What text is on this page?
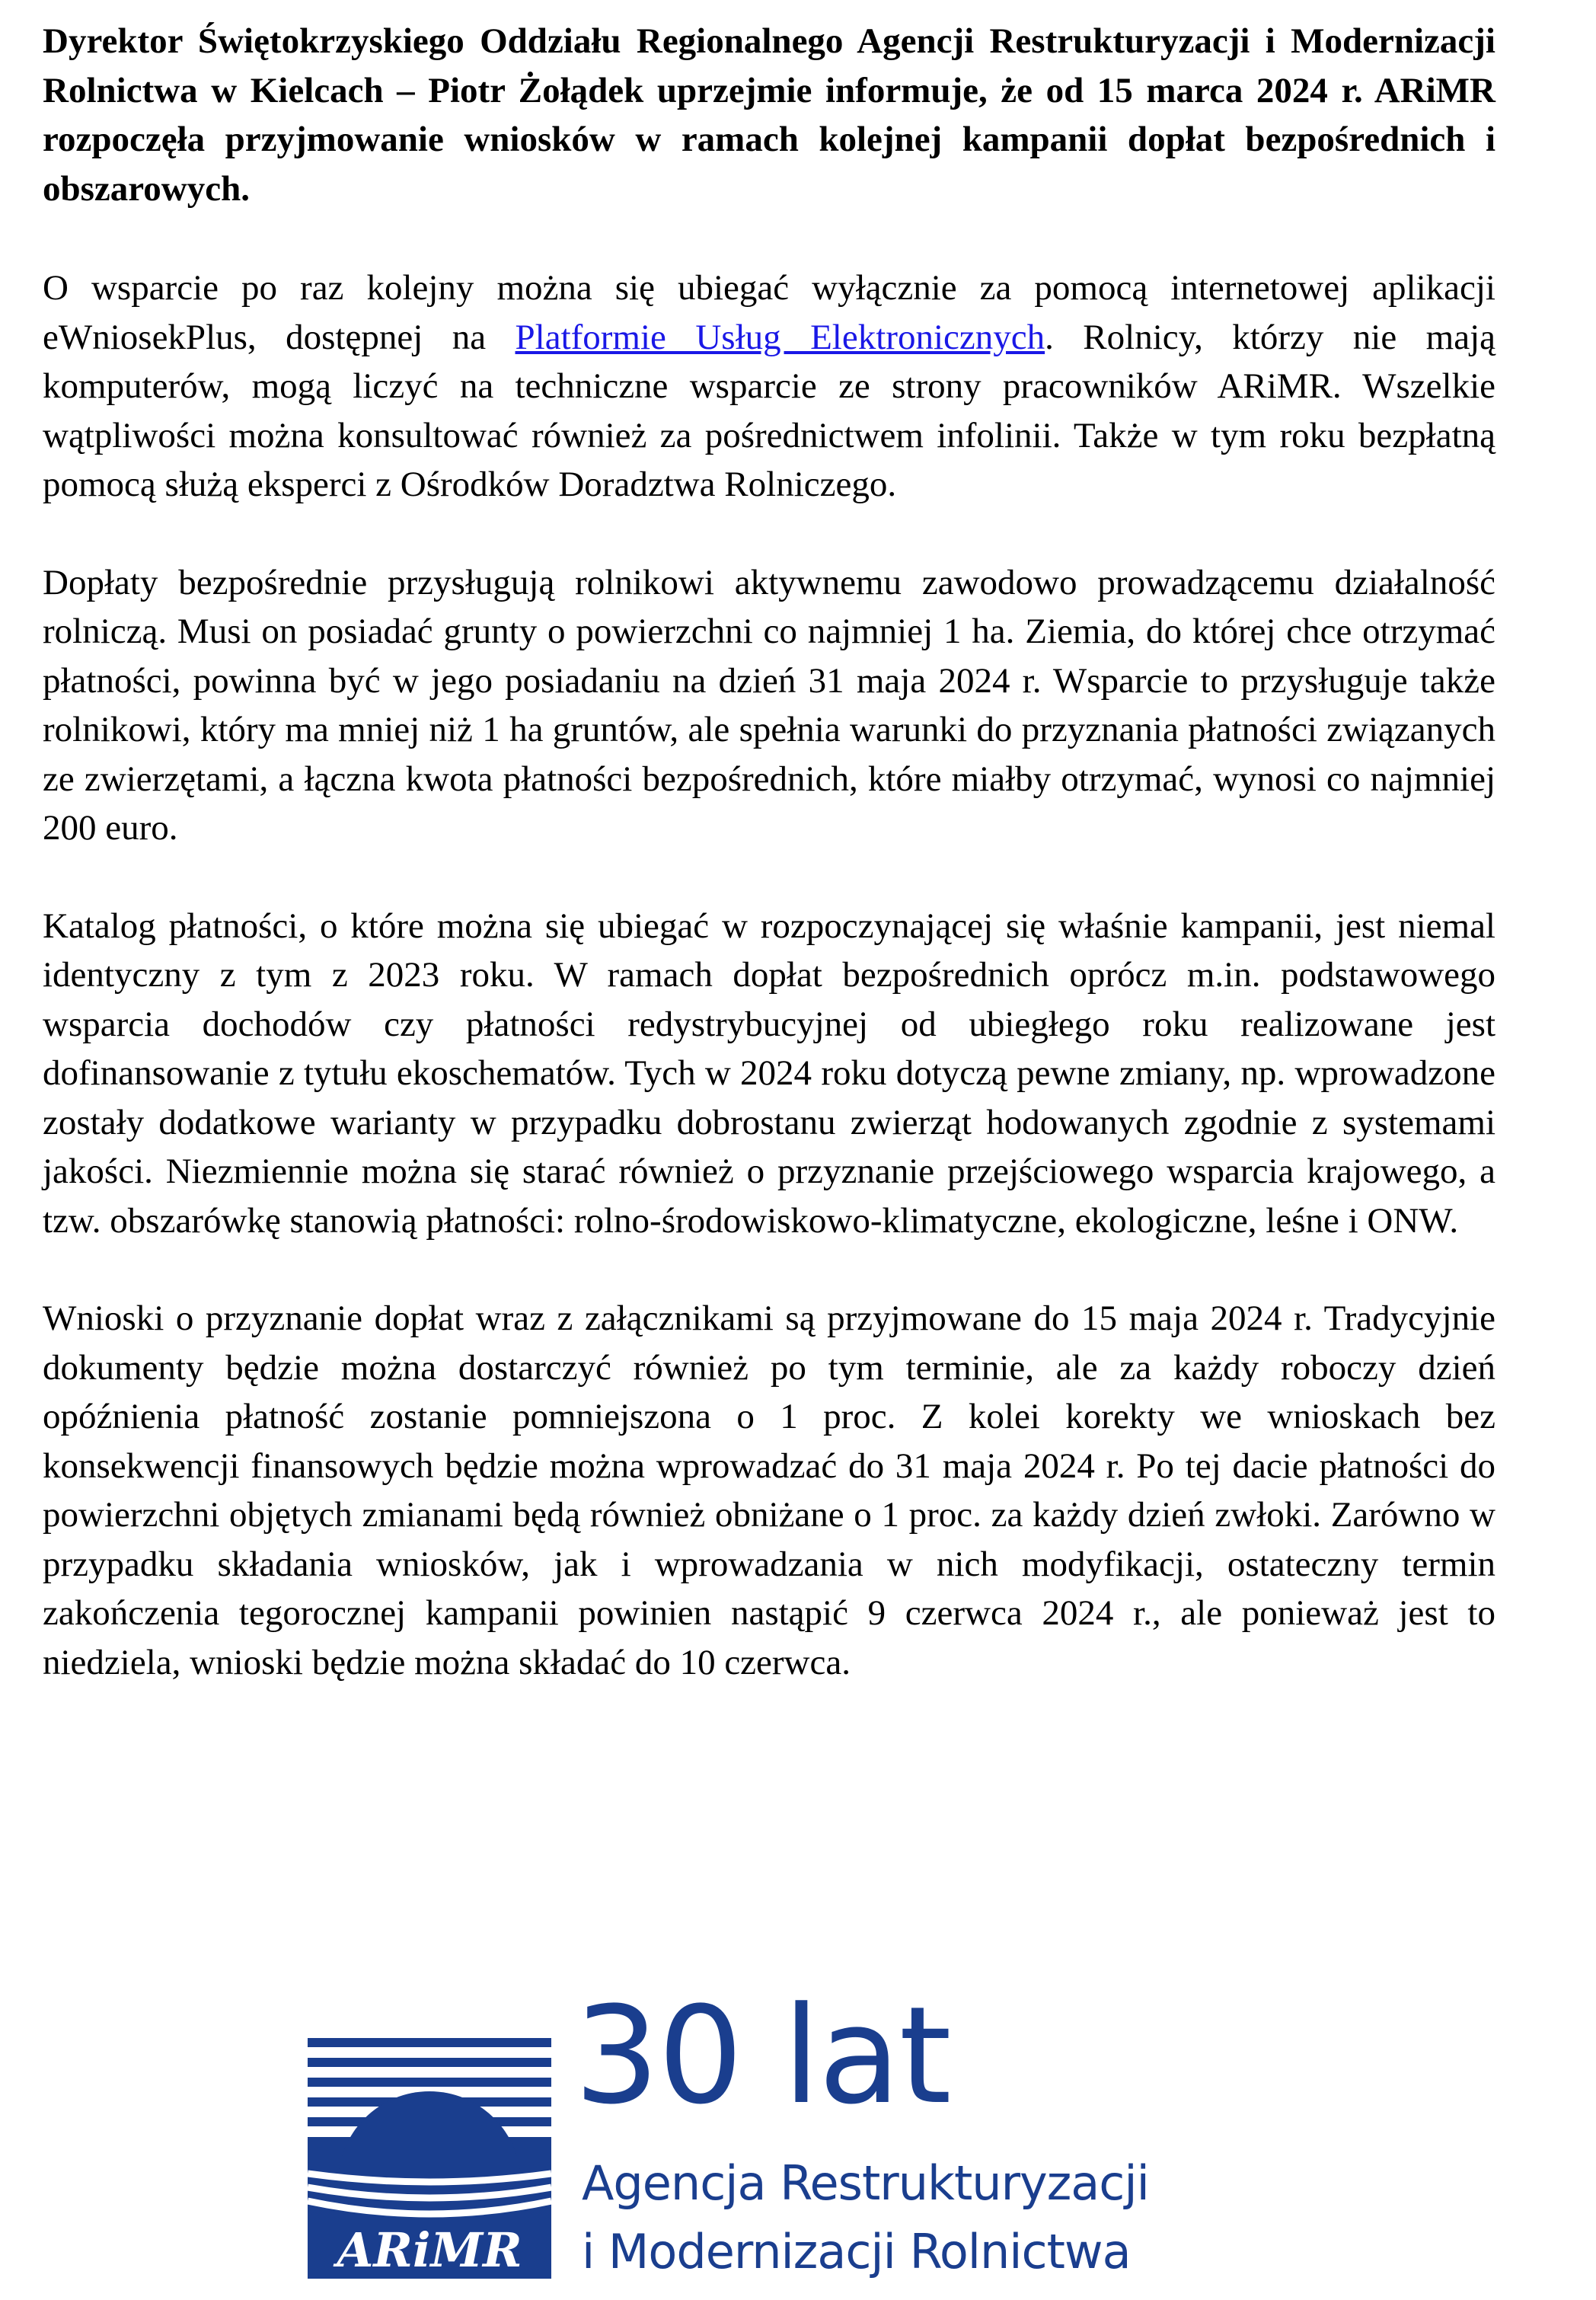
Dyrektor Świętokrzyskiego Oddziału Regionalnego Agencji Restrukturyzacji i Modernizacji Rolnictwa w Kielcach – Piotr Żołądek uprzejmie informuje, że od 15 marca 2024 r. ARiMR rozpoczęła przyjmowanie wniosków w ramach kolejnej kampanii dopłat bezpośrednich i obszarowych.

O wsparcie po raz kolejny można się ubiegać wyłącznie za pomocą internetowej aplikacji eWniosekPlus, dostępnej na Platformie Usług Elektronicznych. Rolnicy, którzy nie mają komputerów, mogą liczyć na techniczne wsparcie ze strony pracowników ARiMR. Wszelkie wątpliwości można konsultować również za pośrednictwem infolinii. Także w tym roku bezpłatną pomocą służą eksperci z Ośrodków Doradztwa Rolniczego.

Dopłaty bezpośrednie przysługują rolnikowi aktywnemu zawodowo prowadzącemu działalność rolniczą. Musi on posiadać grunty o powierzchni co najmniej 1 ha. Ziemia, do której chce otrzymać płatności, powinna być w jego posiadaniu na dzień 31 maja 2024 r. Wsparcie to przysługuje także rolnikowi, który ma mniej niż 1 ha gruntów, ale spełnia warunki do przyznania płatności związanych ze zwierzętami, a łączna kwota płatności bezpośrednich, które miałby otrzymać, wynosi co najmniej 200 euro.

Katalog płatności, o które można się ubiegać w rozpoczynającej się właśnie kampanii, jest niemal identyczny z tym z 2023 roku. W ramach dopłat bezpośrednich oprócz m.in. podstawowego wsparcia dochodów czy płatności redystrybucyjnej od ubiegłego roku realizowane jest dofinansowanie z tytułu ekoschematów. Tych w 2024 roku dotyczą pewne zmiany, np. wprowadzone zostały dodatkowe warianty w przypadku dobrostanu zwierząt hodowanych zgodnie z systemami jakości. Niezmiennie można się starać również o przyznanie przejściowego wsparcia krajowego, a tzw. obszarówkę stanowią płatności: rolno-środowiskowo-klimatyczne, ekologiczne, leśne i ONW.

Wnioski o przyznanie dopłat wraz z załącznikami są przyjmowane do 15 maja 2024 r. Tradycyjnie dokumenty będzie można dostarczyć również po tym terminie, ale za każdy roboczy dzień opóźnienia płatność zostanie pomniejszona o 1 proc. Z kolei korekty we wnioskach bez konsekwencji finansowych będzie można wprowadzać do 31 maja 2024 r. Po tej dacie płatności do powierzchni objętych zmianami będą również obniżane o 1 proc. za każdy dzień zwłoki. Zarówno w przypadku składania wniosków, jak i wprowadzania w nich modyfikacji, ostateczny termin zakończenia tegorocznej kampanii powinien nastąpić 9 czerwca 2024 r., ale ponieważ jest to niedziela, wnioski będzie można składać do 10 czerwca.

ARiMR
30 lat
Agencja Restrukturyzacji
i Modernizacji Rolnictwa
